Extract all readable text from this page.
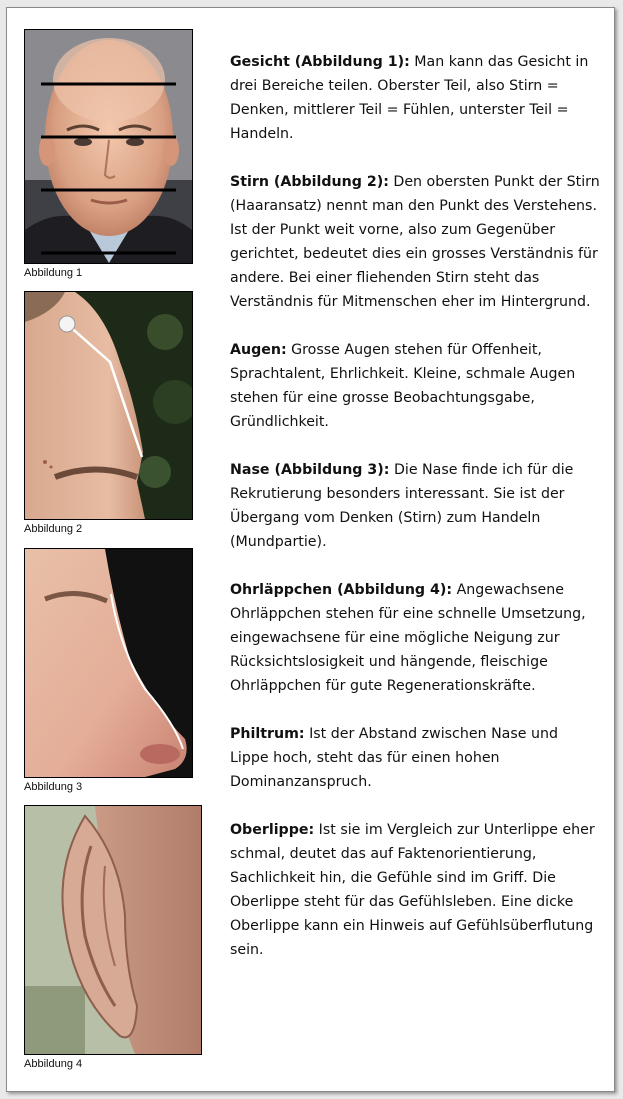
Abbildung 1
Abbildung 2
Abbildung 3
Abbildung 4

Gesicht (Abbildung 1): Man kann das Gesicht in drei Bereiche teilen. Oberster Teil, also Stirn = Denken, mittlerer Teil = Fühlen, unterster Teil = Handeln.

Stirn (Abbildung 2): Den obersten Punkt der Stirn (Haaransatz) nennt man den Punkt des Verstehens. Ist der Punkt weit vorne, also zum Gegenüber gerichtet, bedeutet dies ein grosses Verständnis für andere. Bei einer fliehenden Stirn steht das Verständnis für Mitmenschen eher im Hintergrund.

Augen: Grosse Augen stehen für Offenheit, Sprachtalent, Ehrlichkeit. Kleine, schmale Augen stehen für eine grosse Beobachtungsgabe, Gründlichkeit.

Nase (Abbildung 3): Die Nase finde ich für die Rekrutierung besonders interessant. Sie ist der Übergang vom Denken (Stirn) zum Handeln (Mundpartie).

Ohrläppchen (Abbildung 4): Angewachsene Ohrläppchen stehen für eine schnelle Umsetzung, eingewachsene für eine mögliche Neigung zur Rücksichtslosigkeit und hängende, fleischige Ohrläppchen für gute Regenerationskräfte.

Philtrum: Ist der Abstand zwischen Nase und Lippe hoch, steht das für einen hohen Dominanzanspruch.

Oberlippe: Ist sie im Vergleich zur Unterlippe eher schmal, deutet das auf Faktenorientierung, Sachlichkeit hin, die Gefühle sind im Griff. Die Oberlippe steht für das Gefühlsleben. Eine dicke Oberlippe kann ein Hinweis auf Gefühlsüberflutung sein.
